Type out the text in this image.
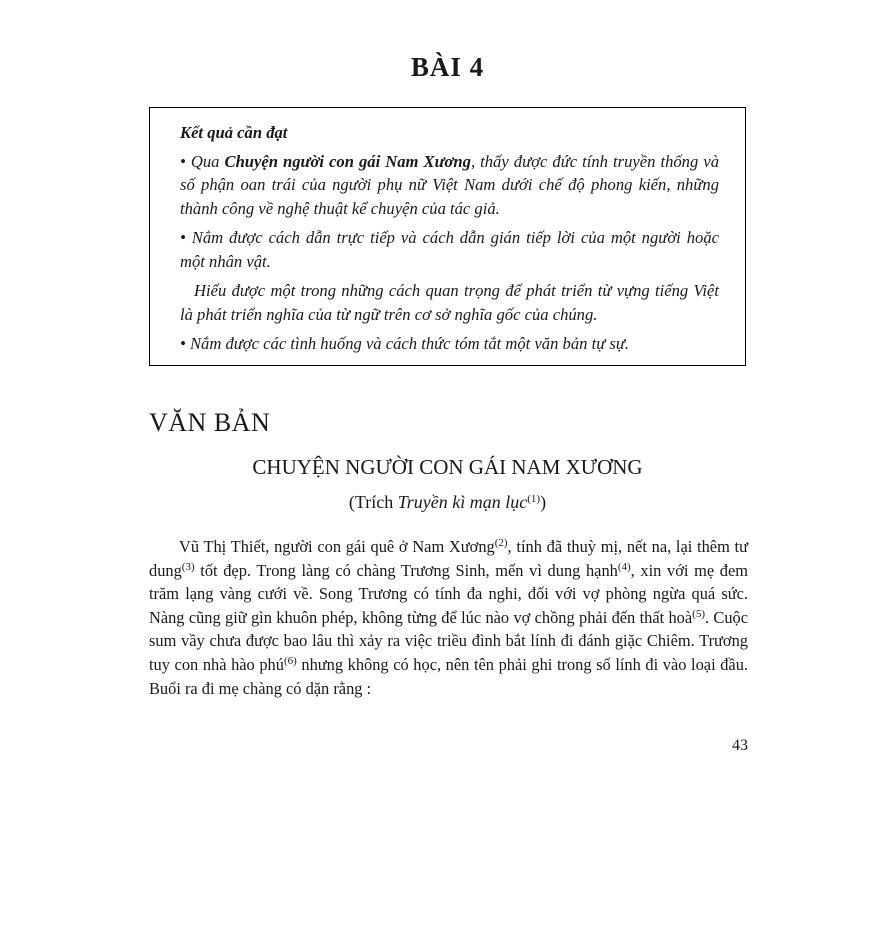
BÀI 4

Kết quả cần đạt

• Qua Chuyện người con gái Nam Xương, thấy được đức tính truyền thống và số phận oan trái của người phụ nữ Việt Nam dưới chế độ phong kiến, những thành công về nghệ thuật kể chuyện của tác giả.

• Nắm được cách dẫn trực tiếp và cách dẫn gián tiếp lời của một người hoặc một nhân vật.

Hiểu được một trong những cách quan trọng để phát triển từ vựng tiếng Việt là phát triển nghĩa của từ ngữ trên cơ sở nghĩa gốc của chúng.

• Nắm được các tình huống và cách thức tóm tắt một văn bản tự sự.

VĂN BẢN
CHUYỆN NGƯỜI CON GÁI NAM XƯƠNG
(Trích Truyền kì mạn lục$^{(1)}$)

Vũ Thị Thiết, người con gái quê ở Nam Xương$^{(2)}$, tính đã thuỳ mị, nết na, lại thêm tư dung$^{(3)}$ tốt đẹp. Trong làng có chàng Trương Sinh, mến vì dung hạnh$^{(4)}$, xin với mẹ đem trăm lạng vàng cưới về. Song Trương có tính đa nghi, đối với vợ phòng ngừa quá sức. Nàng cũng giữ gìn khuôn phép, không từng để lúc nào vợ chồng phải đến thất hoà$^{(5)}$. Cuộc sum vầy chưa được bao lâu thì xảy ra việc triều đình bắt lính đi đánh giặc Chiêm. Trương tuy con nhà hào phú$^{(6)}$ nhưng không có học, nên tên phải ghi trong sổ lính đi vào loại đầu. Buổi ra đi mẹ chàng có dặn rằng :

43
